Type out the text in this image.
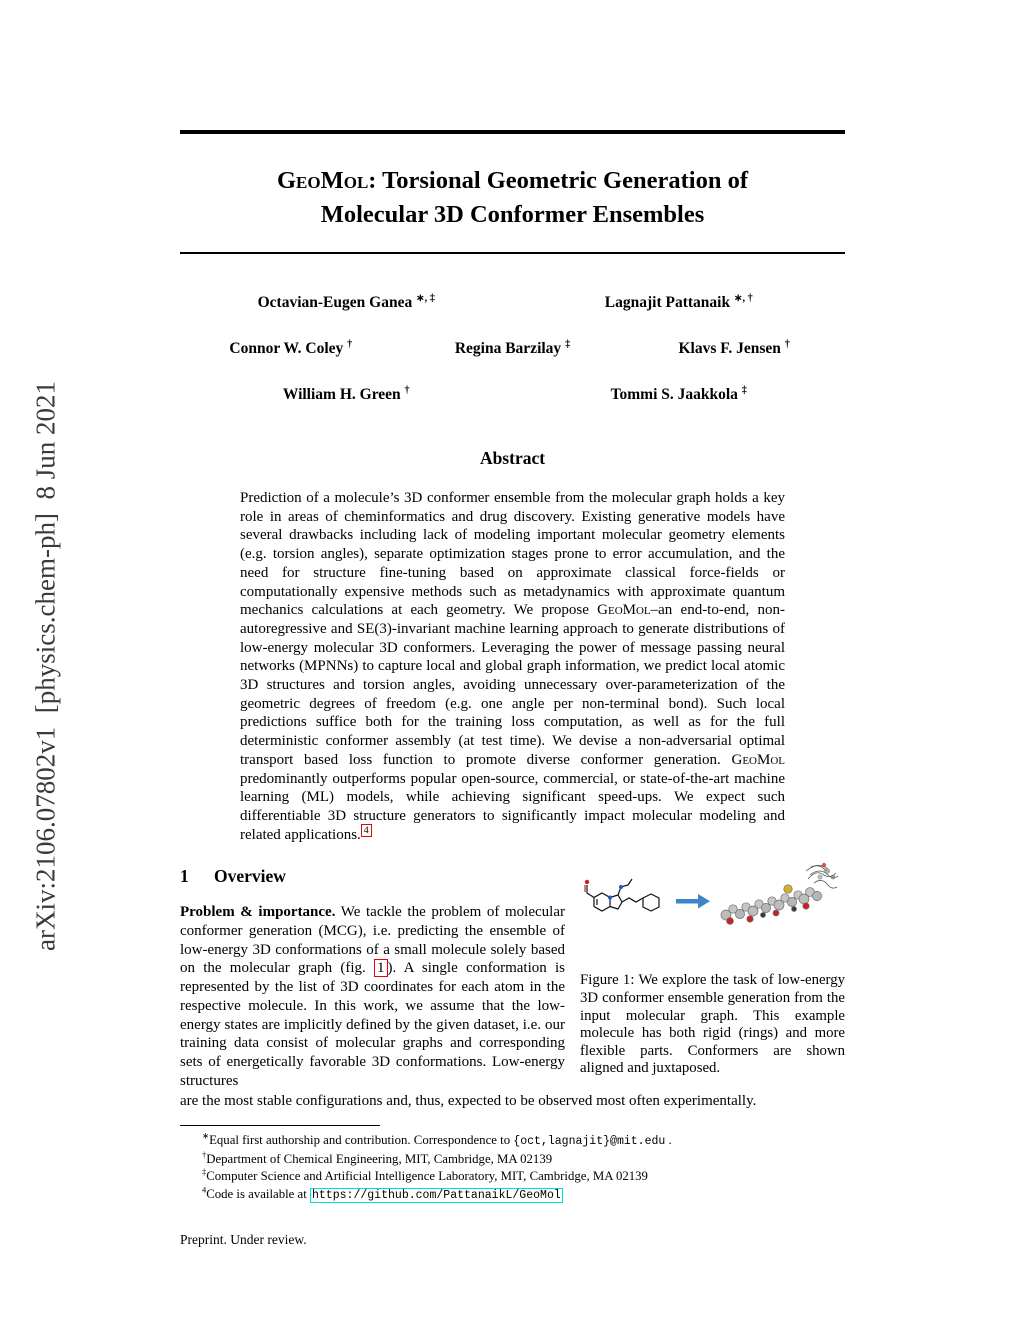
arXiv:2106.07802v1  [physics.chem-ph]  8 Jun 2021
GeoMol: Torsional Geometric Generation of
Molecular 3D Conformer Ensembles
Octavian-Eugen Ganea ∗, ‡	Lagnajit Pattanaik ∗, †
Connor W. Coley †	Regina Barzilay ‡	Klavs F. Jensen †
William H. Green †	Tommi S. Jaakkola ‡
Abstract

Prediction of a molecule’s 3D conformer ensemble from the molecular graph holds a key role in areas of cheminformatics and drug discovery. Existing generative models have several drawbacks including lack of modeling important molecular geometry elements (e.g. torsion angles), separate optimization stages prone to error accumulation, and the need for structure fine-tuning based on approximate classical force-fields or computationally expensive methods such as metadynamics with approximate quantum mechanics calculations at each geometry. We propose GeoMol–an end-to-end, non-autoregressive and SE(3)-invariant machine learning approach to generate distributions of low-energy molecular 3D conformers. Leveraging the power of message passing neural networks (MPNNs) to capture local and global graph information, we predict local atomic 3D structures and torsion angles, avoiding unnecessary over-parameterization of the geometric degrees of freedom (e.g. one angle per non-terminal bond). Such local predictions suffice both for the training loss computation, as well as for the full deterministic conformer assembly (at test time). We devise a non-adversarial optimal transport based loss function to promote diverse conformer generation. GeoMol predominantly outperforms popular open-source, commercial, or state-of-the-art machine learning (ML) models, while achieving significant speed-ups. We expect such differentiable 3D structure generators to significantly impact molecular modeling and related applications. $^4$

1 Overview
Problem & importance. We tackle the problem of molecular conformer generation (MCG), i.e. predicting the ensemble of low-energy 3D conformations of a small molecule solely based on the molecular graph (fig. 1 ). A single conformation is represented by the list of 3D coordinates for each atom in the respective molecule. In this work, we assume that the low-energy states are implicitly defined by the given dataset, i.e. our training data consist of molecular graphs and corresponding sets of energetically favorable 3D conformations. Low-energy structures
Figure 1: We explore the task of low-energy 3D conformer ensemble generation from the input molecular graph. This example molecule has both rigid (rings) and more flexible parts. Conformers are shown aligned and juxtaposed.

are the most stable configurations and, thus, expected to be observed most often experimentally.

∗Equal first authorship and contribution. Correspondence to {oct,lagnajit}@mit.edu .
†Department of Chemical Engineering, MIT, Cambridge, MA 02139
‡Computer Science and Artificial Intelligence Laboratory, MIT, Cambridge, MA 02139
$^4$Code is available at https://github.com/PattanaikL/GeoMol
Preprint. Under review.
